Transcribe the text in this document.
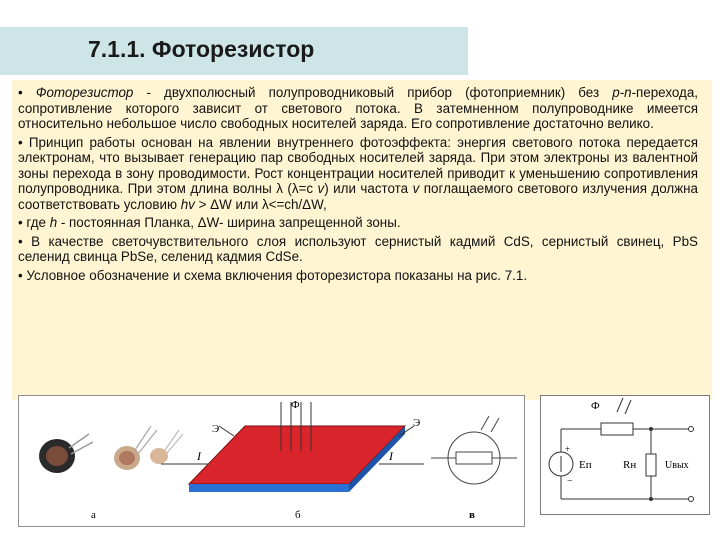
7.1.1. Фоторезистор

• Фоторезистор - двухполюсный полупроводниковый прибор (фотоприемник) без p-n-перехода, сопротивление которого зависит от светового потока. В затемненном полупроводнике имеется относительно небольшое число свободных носителей заряда. Его сопротивление достаточно велико.

• Принцип работы основан на явлении внутреннего фотоэффекта: энергия светового потока передается электронам, что вызывает генерацию пар свободных носителей заряда. При этом электроны из валентной зоны перехода в зону проводимости. Рост концентрации носителей приводит к уменьшению сопротивления полупроводника. При этом длина волны λ (λ=c v) или частота v поглащаемого светового излучения должна соответствовать условию hv > ΔW или λ<=ch/ΔW,

• где h - постоянная Планка, ΔW- ширина запрещенной зоны.

• В качестве светочувствительного слоя используют сернистый кадмий CdS, сернистый свинец, PbS селенид свинца PbSe, селенид кадмия CdSe.

• Условное обозначение и схема включения фоторезистора показаны на рис. 7.1.

Ф
Э	Э
I	I
а	б	в
Ф
+
−
Eп	Rн	Uвых
